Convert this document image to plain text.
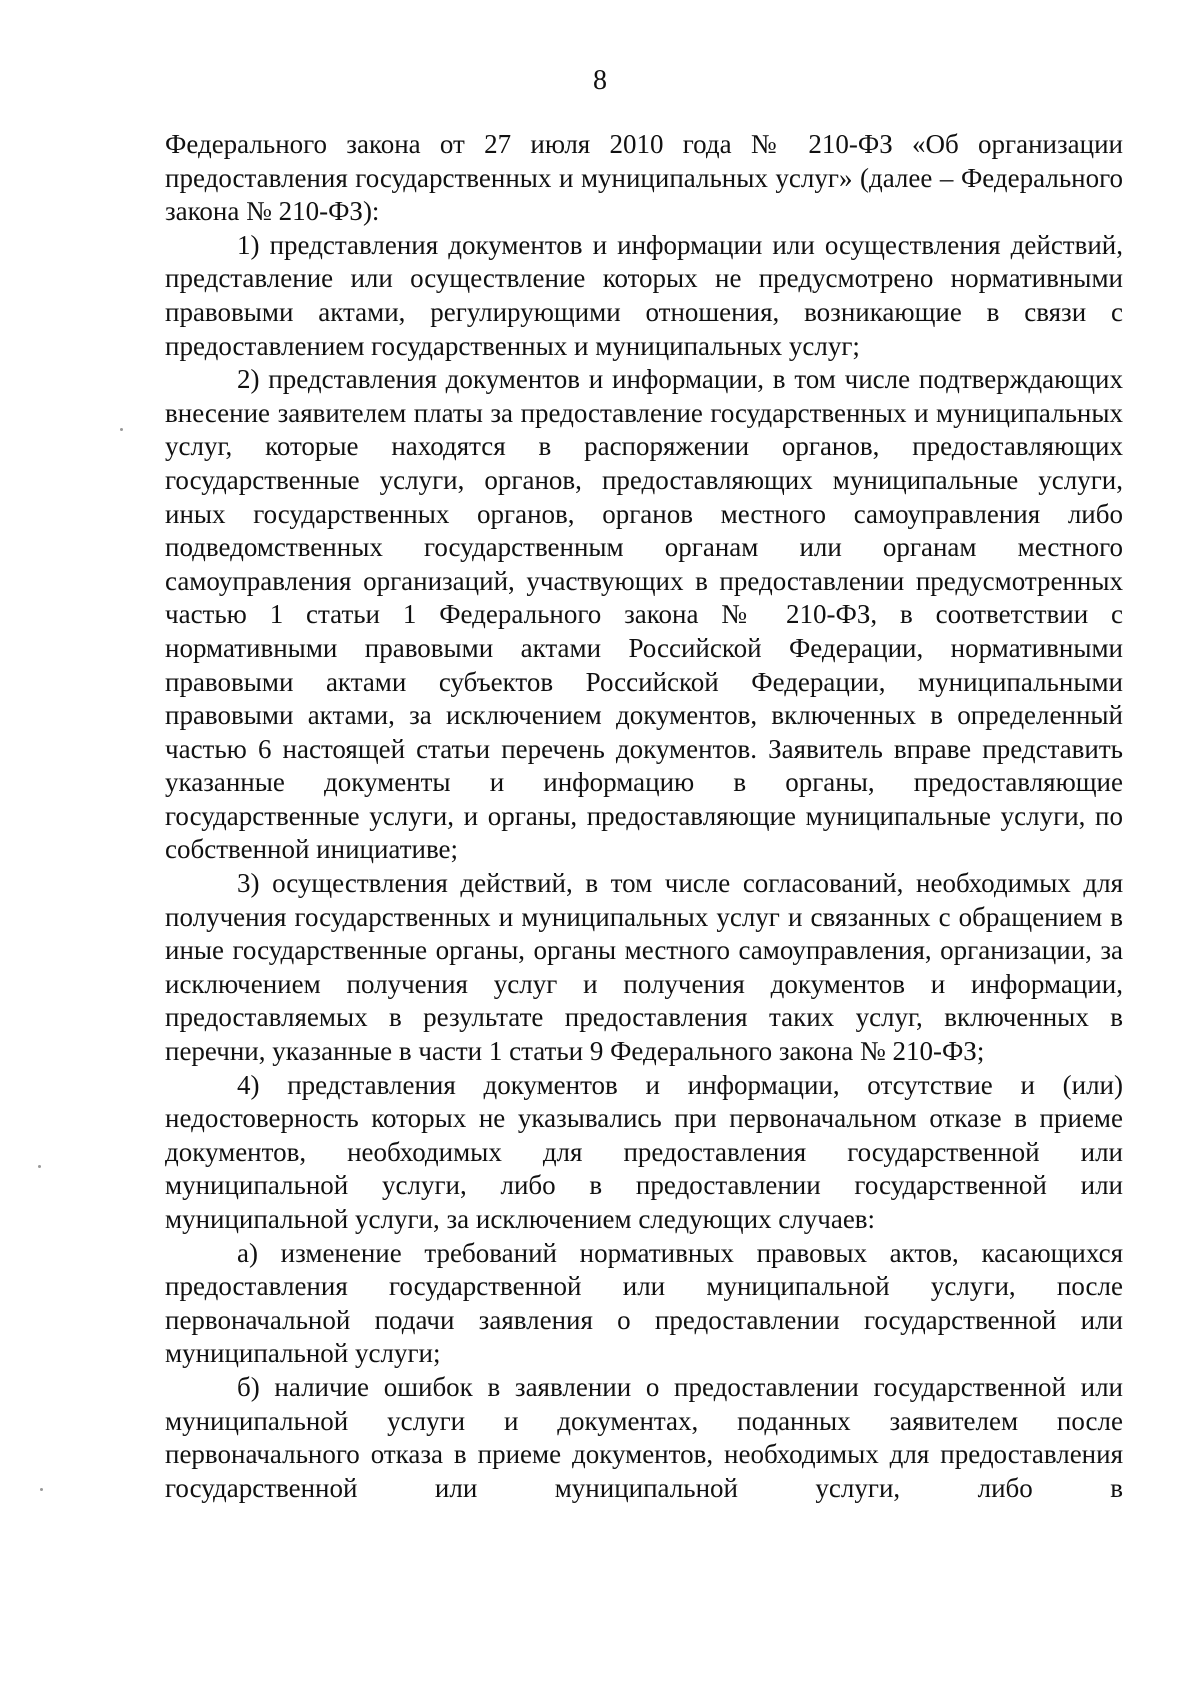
8

Федерального закона от 27 июля 2010 года № 210-ФЗ «Об организации предоставления государственных и муниципальных услуг» (далее – Федерального закона № 210-ФЗ):

1) представления документов и информации или осуществления действий, представление или осуществление которых не предусмотрено нормативными правовыми актами, регулирующими отношения, возникающие в связи с предоставлением государственных и муниципальных услуг;

2) представления документов и информации, в том числе подтверждающих внесение заявителем платы за предоставление государственных и муниципальных услуг, которые находятся в распоряжении органов, предоставляющих государственные услуги, органов, предоставляющих муниципальные услуги, иных государственных органов, органов местного самоуправления либо подведомственных государственным органам или органам местного самоуправления организаций, участвующих в предоставлении предусмотренных частью 1 статьи 1 Федерального закона № 210-ФЗ, в соответствии с нормативными правовыми актами Российской Федерации, нормативными правовыми актами субъектов Российской Федерации, муниципальными правовыми актами, за исключением документов, включенных в определенный частью 6 настоящей статьи перечень документов. Заявитель вправе представить указанные документы и информацию в органы, предоставляющие государственные услуги, и органы, предоставляющие муниципальные услуги, по собственной инициативе;

3) осуществления действий, в том числе согласований, необходимых для получения государственных и муниципальных услуг и связанных с обращением в иные государственные органы, органы местного самоуправления, организации, за исключением получения услуг и получения документов и информации, предоставляемых в результате предоставления таких услуг, включенных в перечни, указанные в части 1 статьи 9 Федерального закона № 210-ФЗ;

4) представления документов и информации, отсутствие и (или) недостоверность которых не указывались при первоначальном отказе в приеме документов, необходимых для предоставления государственной или муниципальной услуги, либо в предоставлении государственной или муниципальной услуги, за исключением следующих случаев:

а) изменение требований нормативных правовых актов, касающихся предоставления государственной или муниципальной услуги, после первоначальной подачи заявления о предоставлении государственной или муниципальной услуги;

б) наличие ошибок в заявлении о предоставлении государственной или муниципальной услуги и документах, поданных заявителем после первоначального отказа в приеме документов, необходимых для предоставления государственной или муниципальной услуги, либо в
